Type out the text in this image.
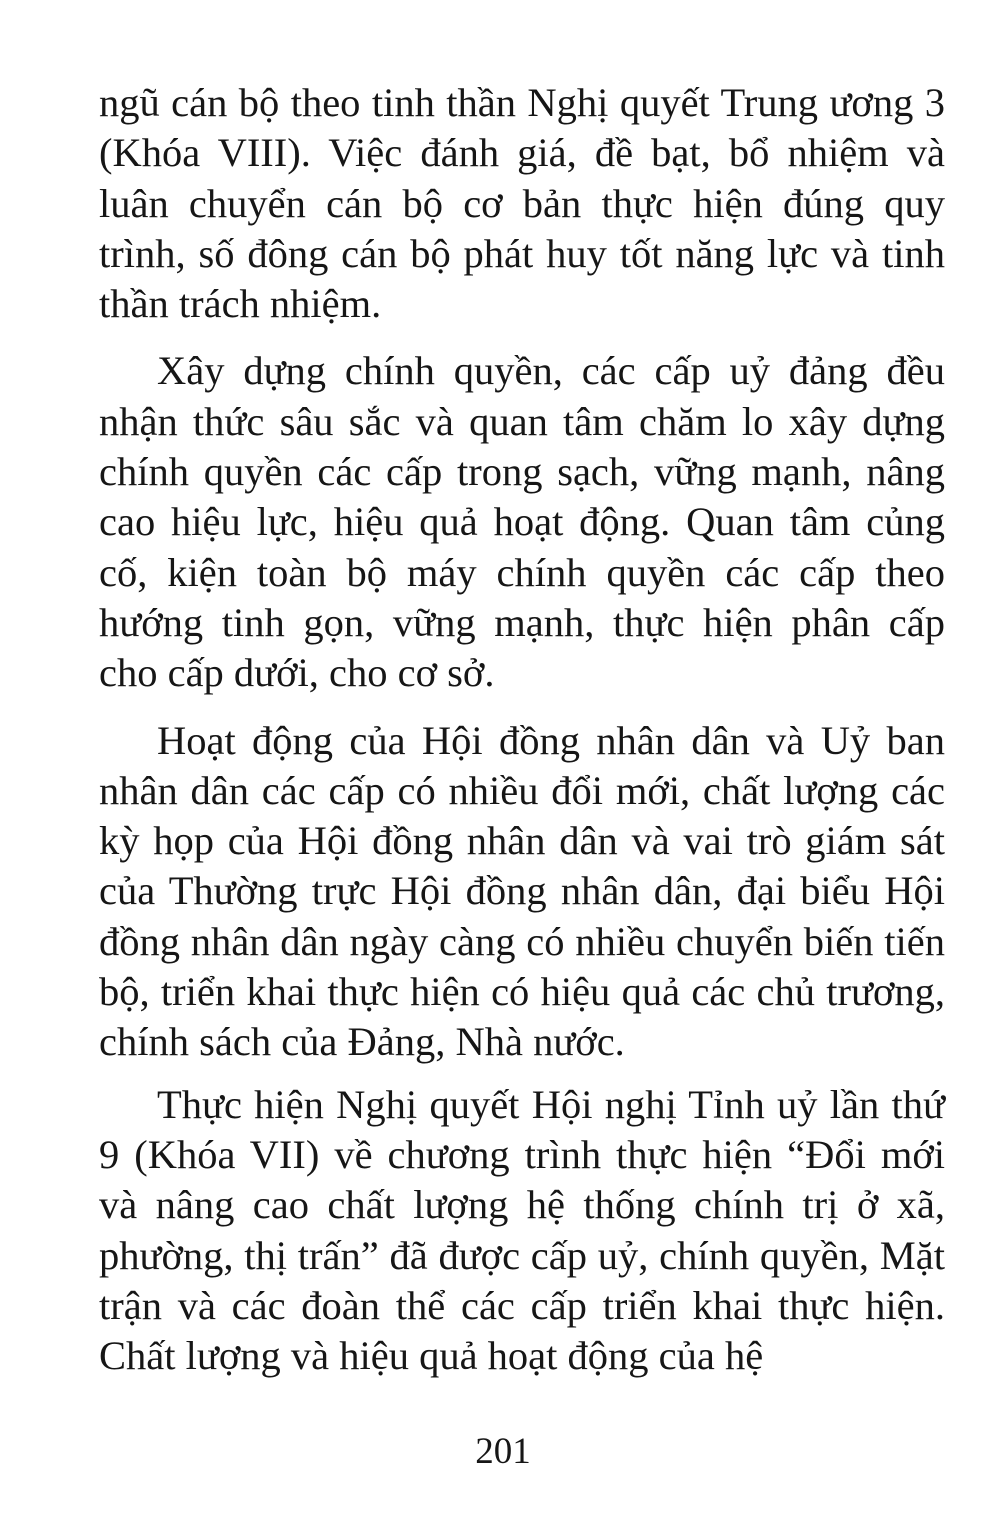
ngũ cán bộ theo tinh thần Nghị quyết Trung ương 3 (Khóa VIII). Việc đánh giá, đề bạt, bổ nhiệm và luân chuyển cán bộ cơ bản thực hiện đúng quy trình, số đông cán bộ phát huy tốt năng lực và tinh thần trách nhiệm.

Xây dựng chính quyền, các cấp uỷ đảng đều nhận thức sâu sắc và quan tâm chăm lo xây dựng chính quyền các cấp trong sạch, vững mạnh, nâng cao hiệu lực, hiệu quả hoạt động. Quan tâm củng cố, kiện toàn bộ máy chính quyền các cấp theo hướng tinh gọn, vững mạnh, thực hiện phân cấp cho cấp dưới, cho cơ sở.

Hoạt động của Hội đồng nhân dân và Uỷ ban nhân dân các cấp có nhiều đổi mới, chất lượng các kỳ họp của Hội đồng nhân dân và vai trò giám sát của Thường trực Hội đồng nhân dân, đại biểu Hội đồng nhân dân ngày càng có nhiều chuyển biến tiến bộ, triển khai thực hiện có hiệu quả các chủ trương, chính sách của Đảng, Nhà nước.

Thực hiện Nghị quyết Hội nghị Tỉnh uỷ lần thứ 9 (Khóa VII) về chương trình thực hiện “Đổi mới và nâng cao chất lượng hệ thống chính trị ở xã, phường, thị trấn” đã được cấp uỷ, chính quyền, Mặt trận và các đoàn thể các cấp triển khai thực hiện. Chất lượng và hiệu quả hoạt động của hệ

201
